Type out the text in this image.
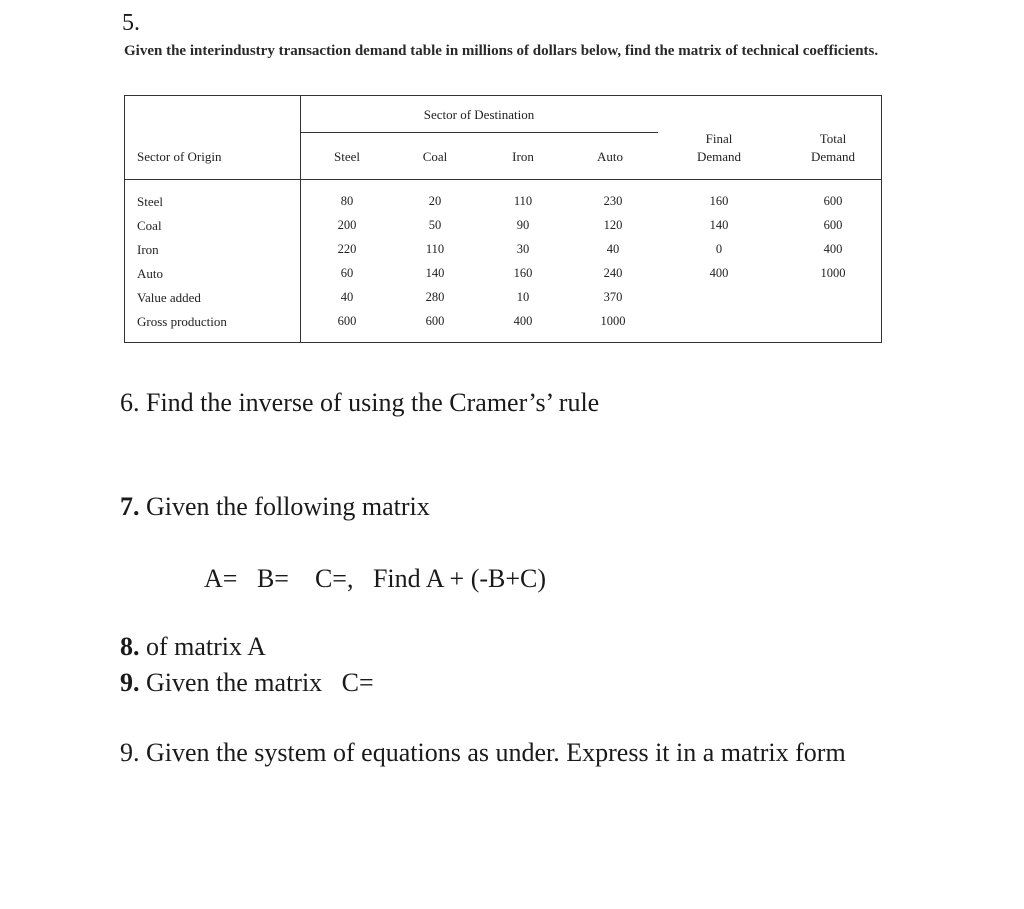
5.
Given the interindustry transaction demand table in millions of dollars below, find the matrix of technical coefficients.
Sector of Destination
Sector of Origin	Steel	Coal	Iron	Auto
Final
Demand
Total
Demand
Steel	80	20	110	230	160	600
Coal	200	50	90	120	140	600
Iron	220	110	30	40	0	400
Auto	60	140	160	240	400	1000
Value added	40	280	10	370
Gross production	600	600	400	1000
6. Find the inverse of using the Cramer’s’ rule
7. Given the following matrix
A=   B=    C=,   Find A + (-B+C)
8. of matrix A
9. Given the matrix   C=
9. Given the system of equations as under. Express it in a matrix form
